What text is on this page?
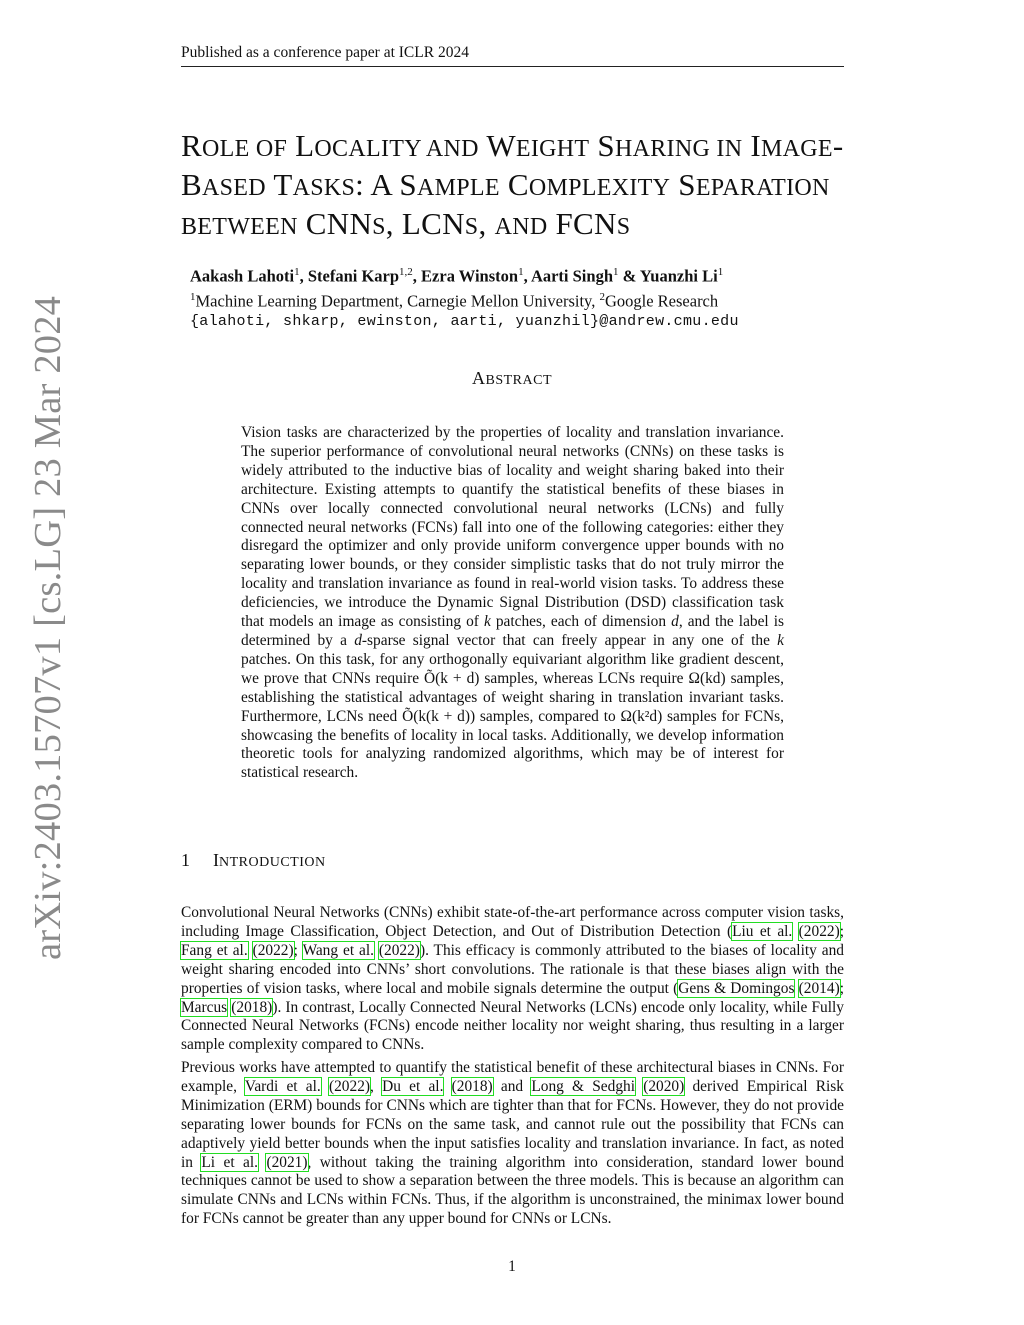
Published as a conference paper at ICLR 2024
arXiv:2403.15707v1 [cs.LG] 23 Mar 2024
ROLE OF LOCALITY AND WEIGHT SHARING IN IMAGE-
BASED TASKS: A SAMPLE COMPLEXITY SEPARATION
BETWEEN CNNS, LCNS, AND FCNS
Aakash Lahoti$^1$, Stefani Karp$^{1,2}$, Ezra Winston$^1$, Aarti Singh$^1$ & Yuanzhi Li$^1$
$^1$Machine Learning Department, Carnegie Mellon University, $^2$Google Research
{alahoti, shkarp, ewinston, aarti, yuanzhil}@andrew.cmu.edu
ABSTRACT
Vision tasks are characterized by the properties of locality and translation invariance. The superior performance of convolutional neural networks (CNNs) on these tasks is widely attributed to the inductive bias of locality and weight sharing baked into their architecture. Existing attempts to quantify the statistical benefits of these biases in CNNs over locally connected convolutional neural networks (LCNs) and fully connected neural networks (FCNs) fall into one of the following categories: either they disregard the optimizer and only provide uniform convergence upper bounds with no separating lower bounds, or they consider simplistic tasks that do not truly mirror the locality and translation invariance as found in real-world vision tasks. To address these deficiencies, we introduce the Dynamic Signal Distribution (DSD) classification task that models an image as consisting of k patches, each of dimension d, and the label is determined by a d-sparse signal vector that can freely appear in any one of the k patches. On this task, for any orthogonally equivariant algorithm like gradient descent, we prove that CNNs require Õ(k + d) samples, whereas LCNs require Ω(kd) samples, establishing the statistical advantages of weight sharing in translation invariant tasks. Furthermore, LCNs need Õ(k(k + d)) samples, compared to Ω(k²d) samples for FCNs, showcasing the benefits of locality in local tasks. Additionally, we develop information theoretic tools for analyzing randomized algorithms, which may be of interest for statistical research.
1 INTRODUCTION
Convolutional Neural Networks (CNNs) exhibit state-of-the-art performance across computer vision tasks, including Image Classification, Object Detection, and Out of Distribution Detection (Liu et al. (2022); Fang et al. (2022); Wang et al. (2022)). This efficacy is commonly attributed to the biases of locality and weight sharing encoded into CNNs’ short convolutions. The rationale is that these biases align with the properties of vision tasks, where local and mobile signals determine the output (Gens & Domingos (2014); Marcus (2018)). In contrast, Locally Connected Neural Networks (LCNs) encode only locality, while Fully Connected Neural Networks (FCNs) encode neither locality nor weight sharing, thus resulting in a larger sample complexity compared to CNNs.
Previous works have attempted to quantify the statistical benefit of these architectural biases in CNNs. For example, Vardi et al. (2022), Du et al. (2018) and Long & Sedghi (2020) derived Empirical Risk Minimization (ERM) bounds for CNNs which are tighter than that for FCNs. However, they do not provide separating lower bounds for FCNs on the same task, and cannot rule out the possibility that FCNs can adaptively yield better bounds when the input satisfies locality and translation invariance. In fact, as noted in Li et al. (2021), without taking the training algorithm into consideration, standard lower bound techniques cannot be used to show a separation between the three models. This is because an algorithm can simulate CNNs and LCNs within FCNs. Thus, if the algorithm is unconstrained, the minimax lower bound for FCNs cannot be greater than any upper bound for CNNs or LCNs.
1
